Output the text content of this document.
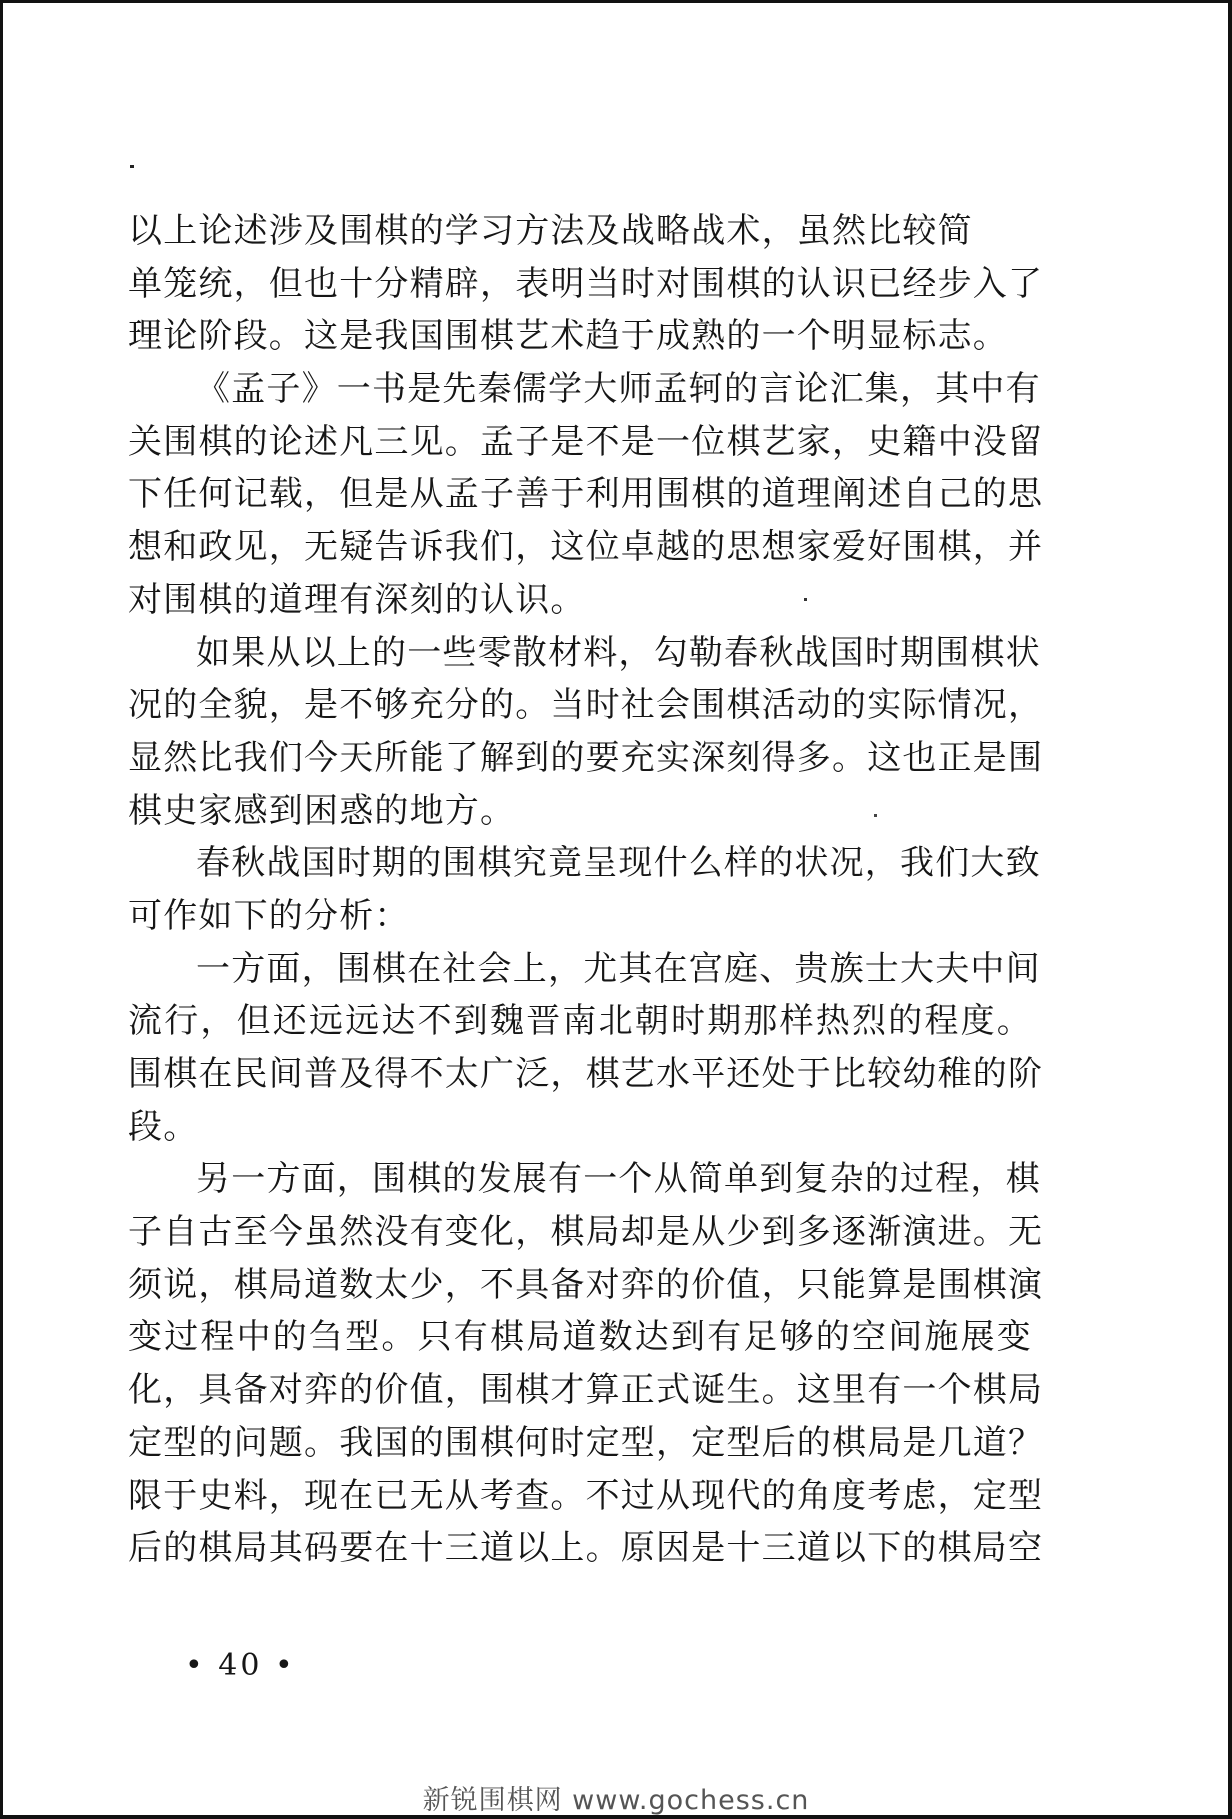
以上论述涉及围棋的学习方法及战略战术，虽然比较简
单笼统，但也十分精辟，表明当时对围棋的认识已经步入了
理论阶段。这是我国围棋艺术趋于成熟的一个明显标志。
《孟子》一书是先秦儒学大师孟轲的言论汇集，其中有
关围棋的论述凡三见。孟子是不是一位棋艺家，史籍中没留
下任何记载，但是从孟子善于利用围棋的道理阐述自己的思
想和政见，无疑告诉我们，这位卓越的思想家爱好围棋，并
对围棋的道理有深刻的认识。
如果从以上的一些零散材料，勾勒春秋战国时期围棋状
况的全貌，是不够充分的。当时社会围棋活动的实际情况，
显然比我们今天所能了解到的要充实深刻得多。这也正是围
棋史家感到困惑的地方。
春秋战国时期的围棋究竟呈现什么样的状况，我们大致
可作如下的分析：
一方面，围棋在社会上，尤其在宫庭、贵族士大夫中间
流行，但还远远达不到魏晋南北朝时期那样热烈的程度。
围棋在民间普及得不太广泛，棋艺水平还处于比较幼稚的阶
段。
另一方面，围棋的发展有一个从简单到复杂的过程，棋
子自古至今虽然没有变化，棋局却是从少到多逐渐演进。无
须说，棋局道数太少，不具备对弈的价值，只能算是围棋演
变过程中的刍型。只有棋局道数达到有足够的空间施展变
化，具备对弈的价值，围棋才算正式诞生。这里有一个棋局
定型的问题。我国的围棋何时定型，定型后的棋局是几道？
限于史料，现在已无从考查。不过从现代的角度考虑，定型
后的棋局其码要在十三道以上。原因是十三道以下的棋局空
• 40 •
新锐围棋网 www.gochess.cn
